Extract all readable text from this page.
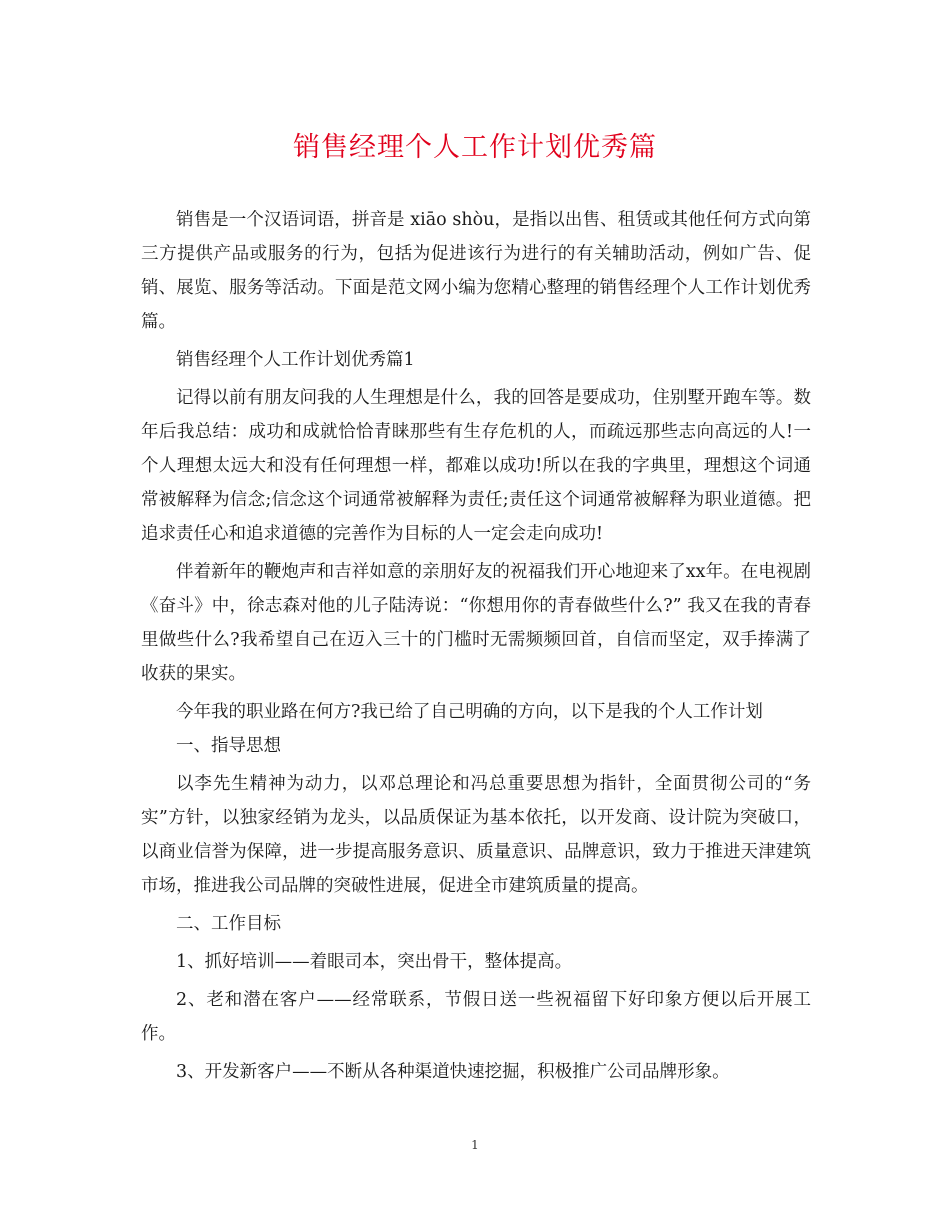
销售经理个人工作计划优秀篇

销售是一个汉语词语，拼音是 xiāo shòu，是指以出售、租赁或其他任何方式向第三方提供产品或服务的行为，包括为促进该行为进行的有关辅助活动，例如广告、促销、展览、服务等活动。下面是范文网小编为您精心整理的销售经理个人工作计划优秀篇。

销售经理个人工作计划优秀篇1

记得以前有朋友问我的人生理想是什么，我的回答是要成功，住别墅开跑车等。数年后我总结：成功和成就恰恰青睐那些有生存危机的人，而疏远那些志向高远的人!一个人理想太远大和没有任何理想一样，都难以成功!所以在我的字典里，理想这个词通常被解释为信念;信念这个词通常被解释为责任;责任这个词通常被解释为职业道德。把追求责任心和追求道德的完善作为目标的人一定会走向成功!

伴着新年的鞭炮声和吉祥如意的亲朋好友的祝福我们开心地迎来了xx年。在电视剧《奋斗》中，徐志森对他的儿子陆涛说：“你想用你的青春做些什么?” 我又在我的青春里做些什么?我希望自己在迈入三十的门槛时无需频频回首，自信而坚定，双手捧满了收获的果实。

今年我的职业路在何方?我已给了自己明确的方向，以下是我的个人工作计划

一、指导思想

以李先生精神为动力，以邓总理论和冯总重要思想为指针，全面贯彻公司的“务实”方针，以独家经销为龙头，以品质保证为基本依托，以开发商、设计院为突破口，以商业信誉为保障，进一步提高服务意识、质量意识、品牌意识，致力于推进天津建筑市场，推进我公司品牌的突破性进展，促进全市建筑质量的提高。

二、工作目标

1、抓好培训——着眼司本，突出骨干，整体提高。

2、老和潜在客户——经常联系，节假日送一些祝福留下好印象方便以后开展工作。

3、开发新客户——不断从各种渠道快速挖掘，积极推广公司品牌形象。

1
